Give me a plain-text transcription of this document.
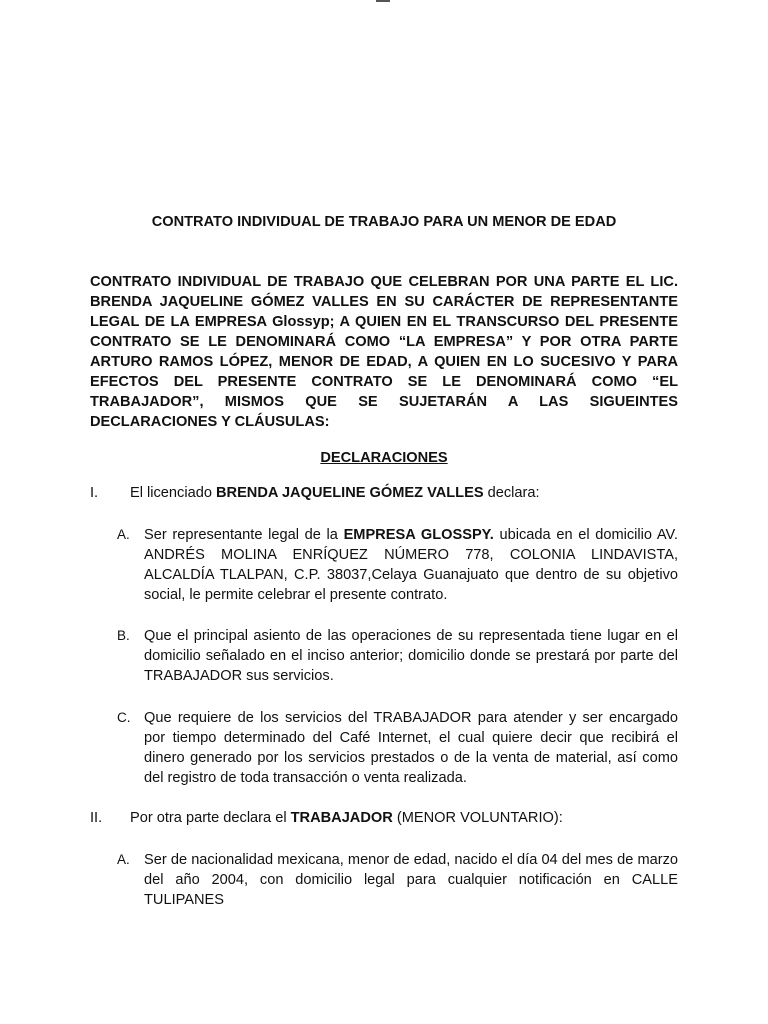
CONTRATO INDIVIDUAL DE TRABAJO PARA UN MENOR DE EDAD
CONTRATO INDIVIDUAL DE TRABAJO QUE CELEBRAN POR UNA PARTE EL LIC. BRENDA JAQUELINE GÓMEZ VALLES EN SU CARÁCTER DE REPRESENTANTE LEGAL DE LA EMPRESA Glossyp; A QUIEN EN EL TRANSCURSO DEL PRESENTE CONTRATO SE LE DENOMINARÁ COMO “LA EMPRESA” Y POR OTRA PARTE ARTURO RAMOS LÓPEZ, MENOR DE EDAD, A QUIEN EN LO SUCESIVO Y PARA EFECTOS DEL PRESENTE CONTRATO SE LE DENOMINARÁ COMO “EL TRABAJADOR”, MISMOS QUE SE SUJETARÁN A LAS SIGUEINTES DECLARACIONES Y CLÁUSULAS:
DECLARACIONES
I. El licenciado BRENDA JAQUELINE GÓMEZ VALLES declara:
A. Ser representante legal de la EMPRESA GLOSSPY. ubicada en el domicilio AV. ANDRÉS MOLINA ENRÍQUEZ NÚMERO 778, COLONIA LINDAVISTA, ALCALDÍA TLALPAN, C.P. 38037,Celaya Guanajuato que dentro de su objetivo social, le permite celebrar el presente contrato.
B. Que el principal asiento de las operaciones de su representada tiene lugar en el domicilio señalado en el inciso anterior; domicilio donde se prestará por parte del TRABAJADOR sus servicios.
C. Que requiere de los servicios del TRABAJADOR para atender y ser encargado por tiempo determinado del Café Internet, el cual quiere decir que recibirá el dinero generado por los servicios prestados o de la venta de material, así como del registro de toda transacción o venta realizada.
II. Por otra parte declara el TRABAJADOR (MENOR VOLUNTARIO):
A. Ser de nacionalidad mexicana, menor de edad, nacido el día 04 del mes de marzo del año 2004, con domicilio legal para cualquier notificación en CALLE TULIPANES
